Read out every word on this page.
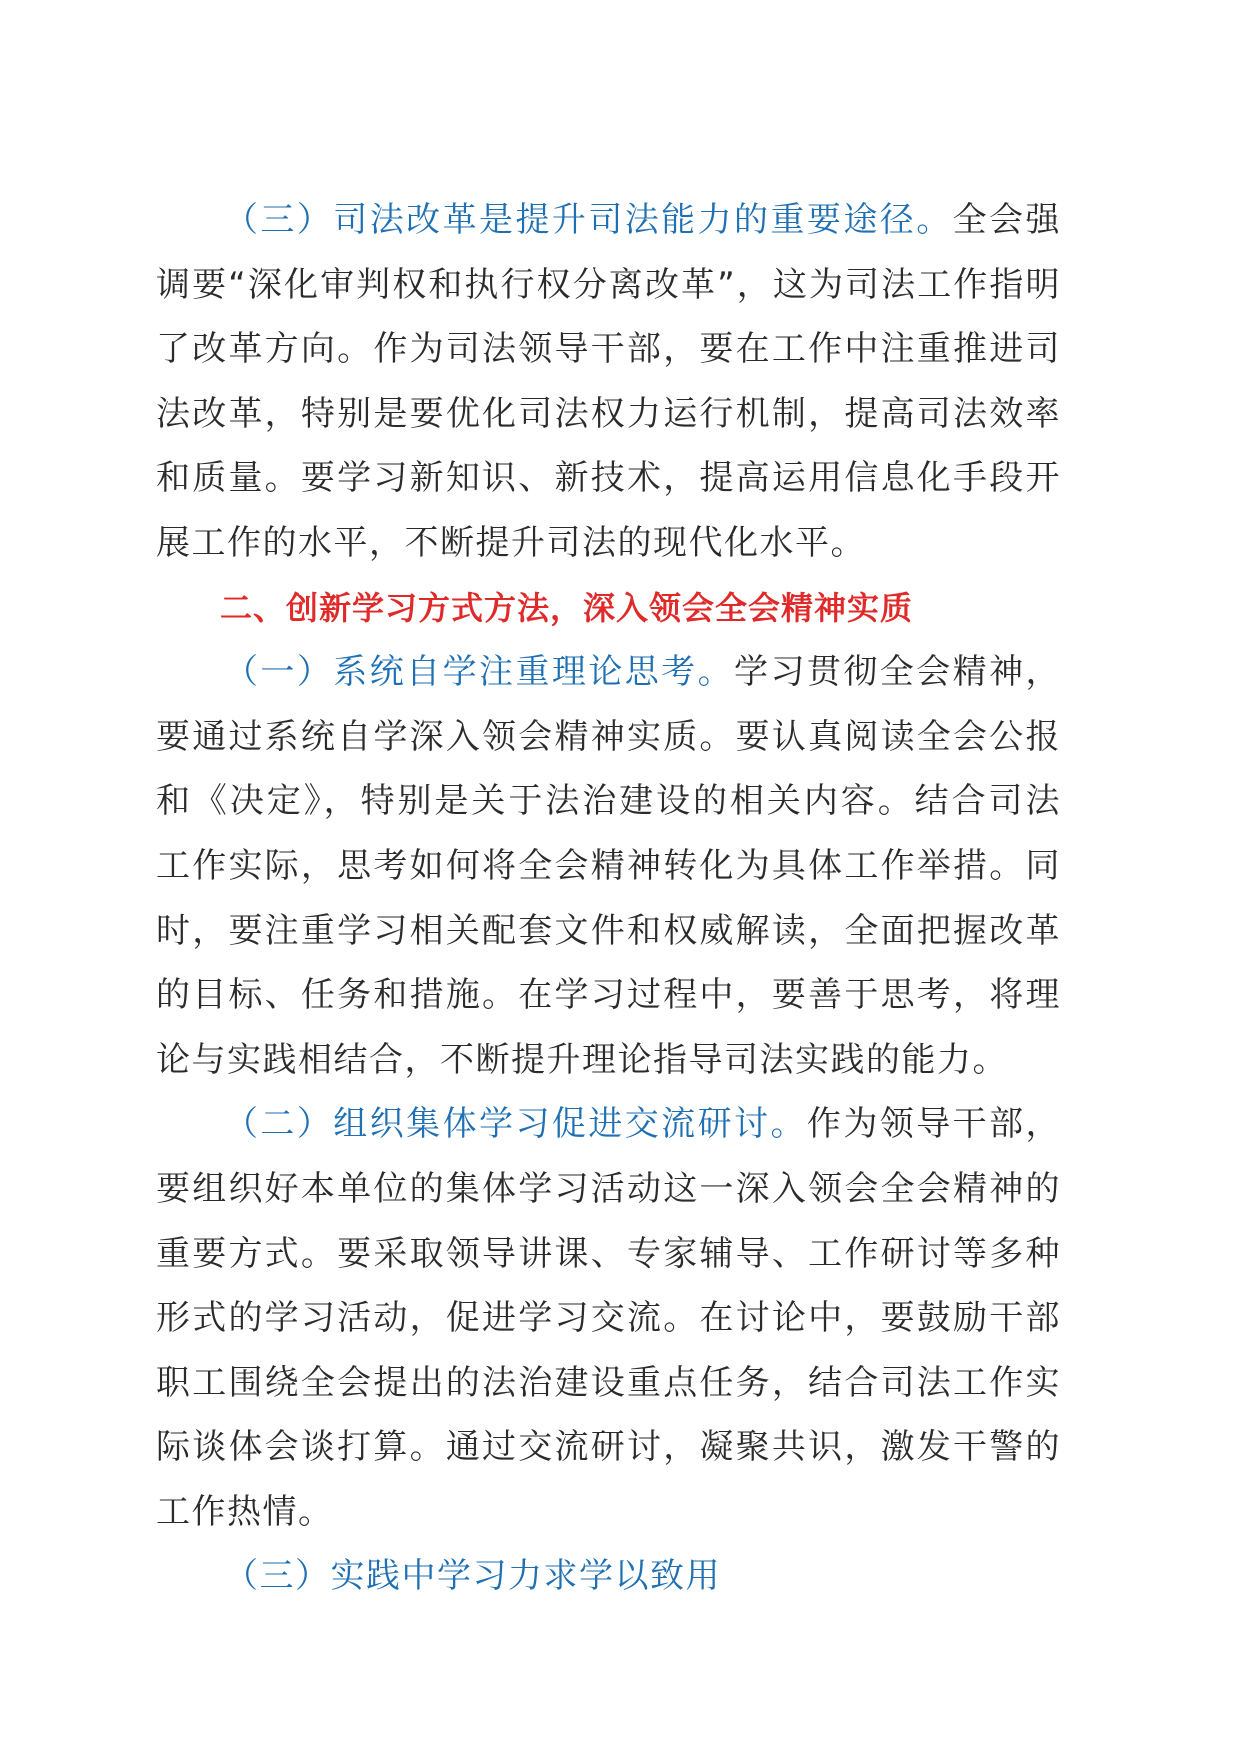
（三）司法改革是提升司法能力的重要途径。全会强调要“深化审判权和执行权分离改革”，这为司法工作指明了改革方向。作为司法领导干部，要在工作中注重推进司法改革，特别是要优化司法权力运行机制，提高司法效率和质量。要学习新知识、新技术，提高运用信息化手段开展工作的水平，不断提升司法的现代化水平。

二、创新学习方式方法，深入领会全会精神实质

（一）系统自学注重理论思考。学习贯彻全会精神，要通过系统自学深入领会精神实质。要认真阅读全会公报和《决定》，特别是关于法治建设的相关内容。结合司法工作实际，思考如何将全会精神转化为具体工作举措。同时，要注重学习相关配套文件和权威解读，全面把握改革的目标、任务和措施。在学习过程中，要善于思考，将理论与实践相结合，不断提升理论指导司法实践的能力。

（二）组织集体学习促进交流研讨。作为领导干部，要组织好本单位的集体学习活动这一深入领会全会精神的重要方式。要采取领导讲课、专家辅导、工作研讨等多种形式的学习活动，促进学习交流。在讨论中，要鼓励干部职工围绕全会提出的法治建设重点任务，结合司法工作实际谈体会谈打算。通过交流研讨，凝聚共识，激发干警的工作热情。

（三）实践中学习力求学以致用
